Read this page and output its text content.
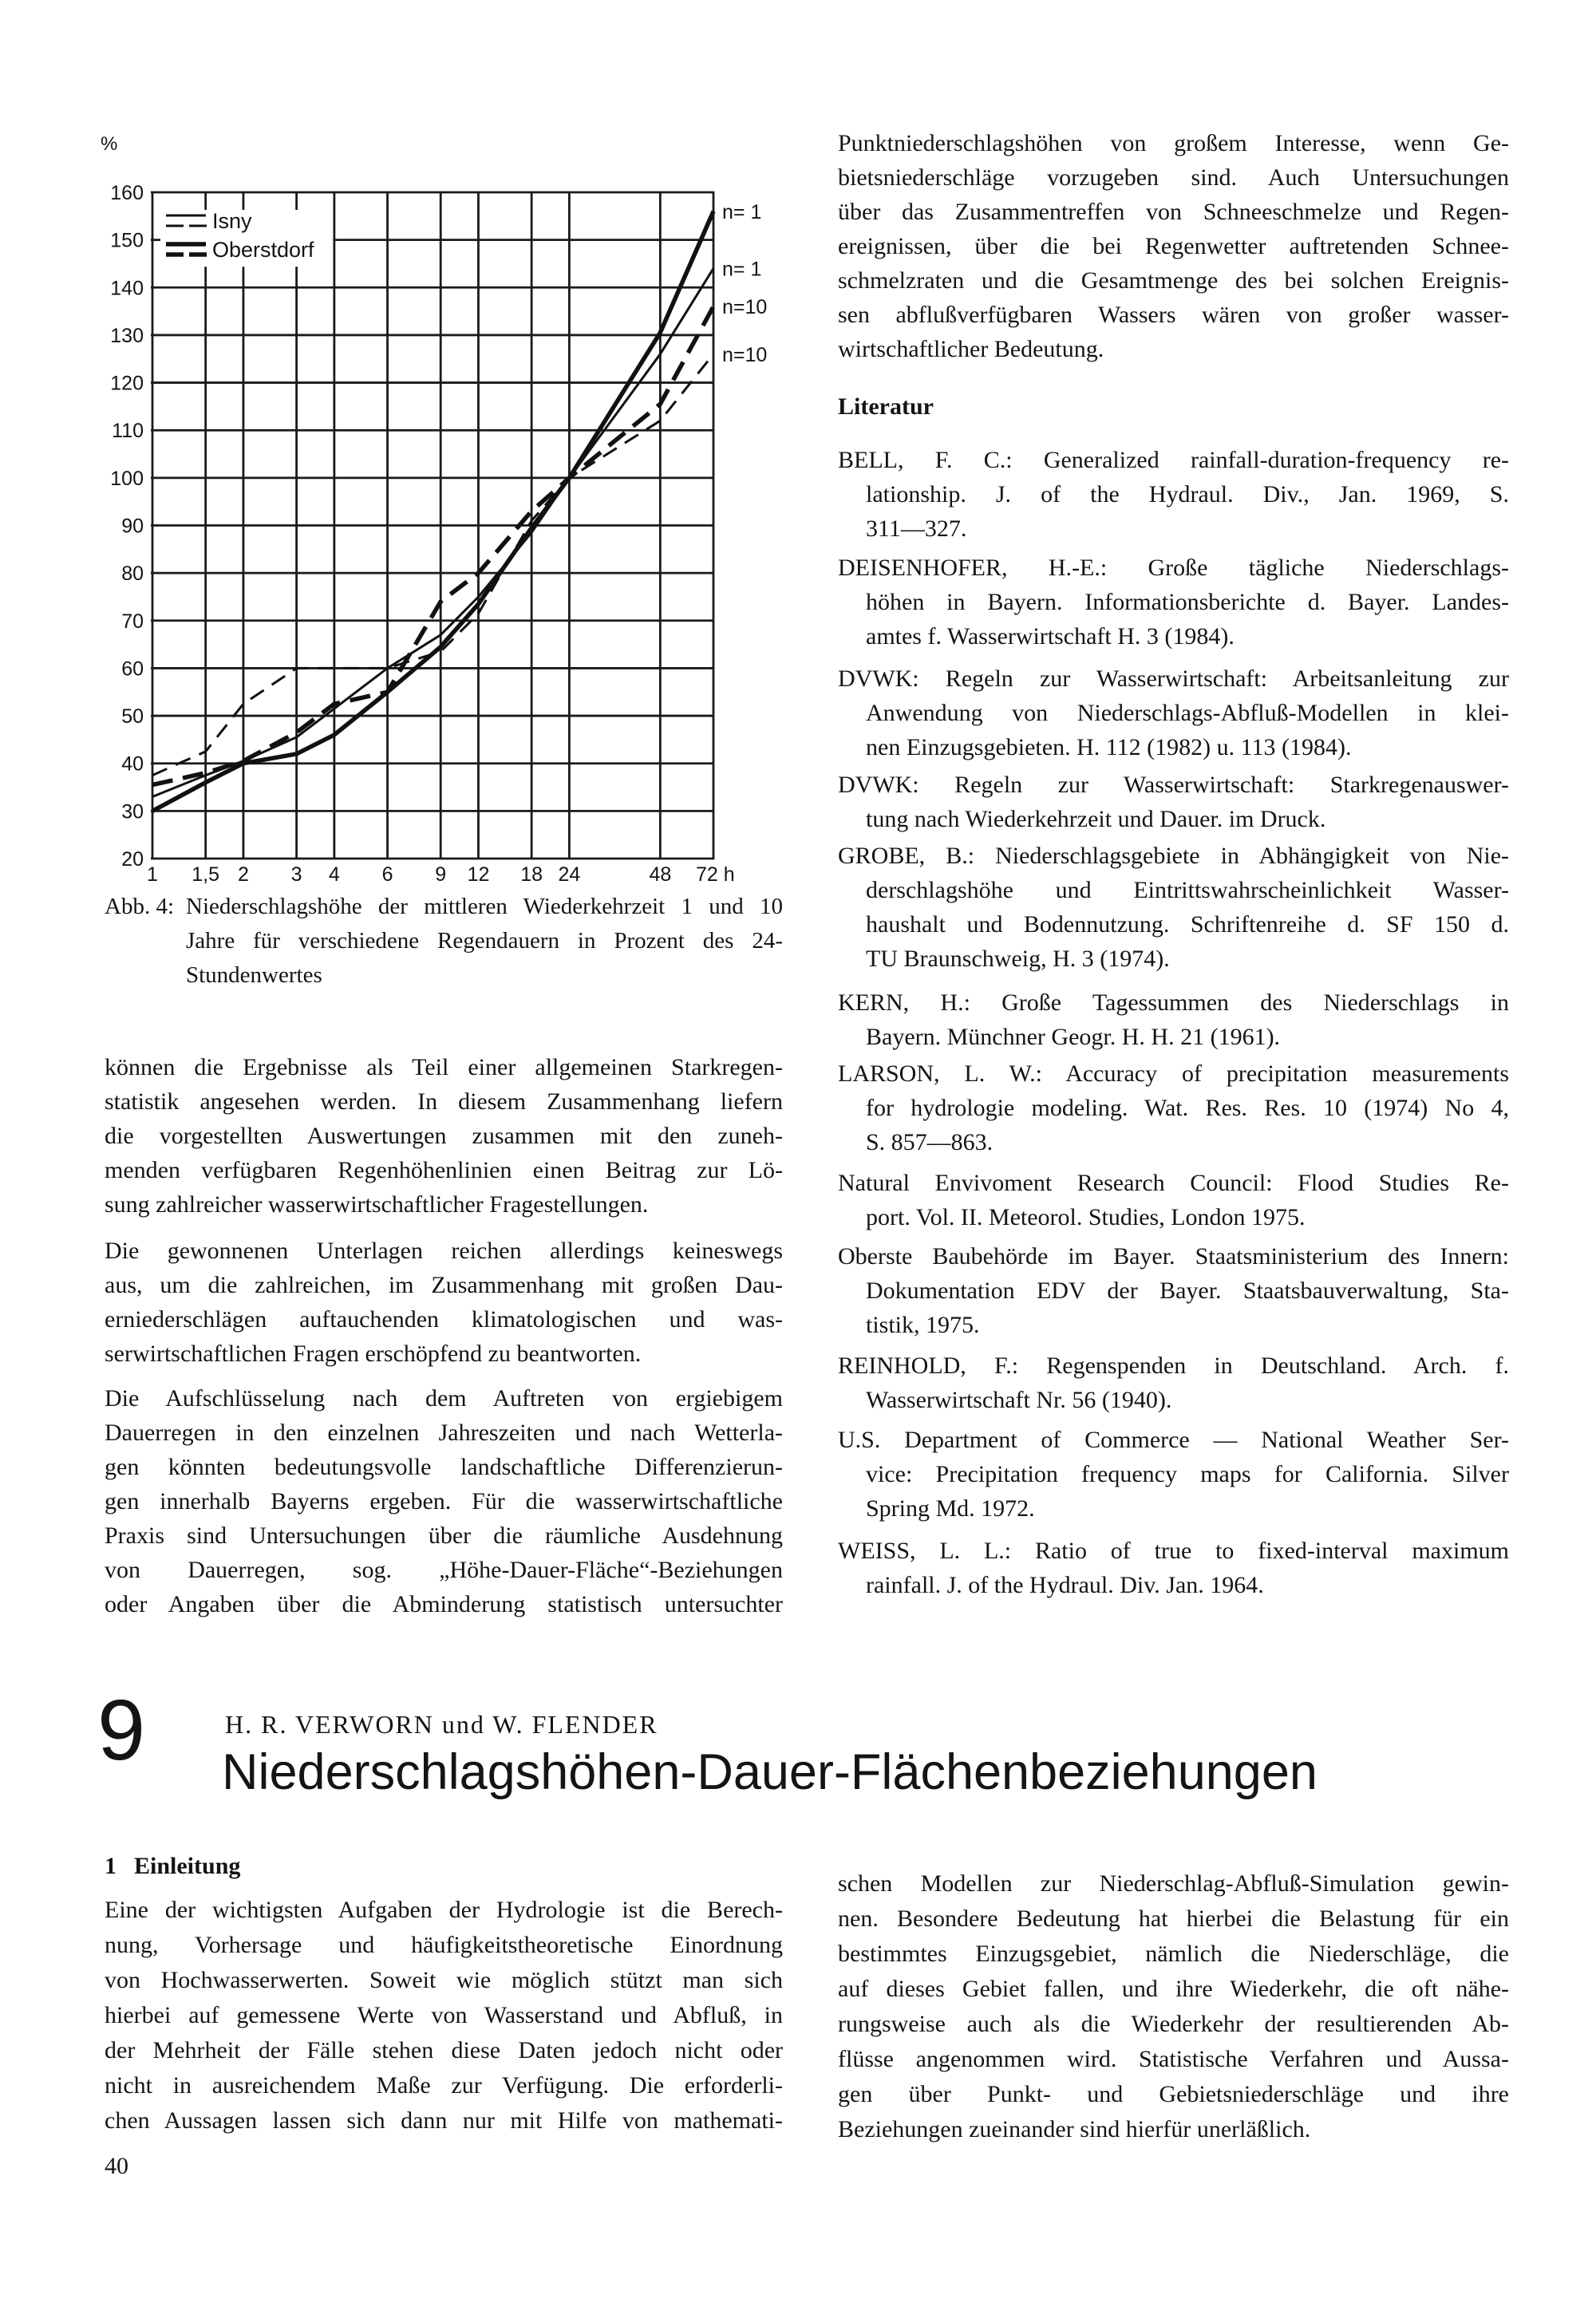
Isny
Oberstdorf
n= 1
n=10
n= 1
n=10
20
30
40
50
60
70
80
90
100
110
120
130
140
150
160
1 1,5 2 3 4 6 9 12 18 24	48 72 h
%
Abb. 4: Niederschlagshöhe der mittleren Wiederkehrzeit 1 und 10
Jahre für verschiedene Regendauern in Prozent des 24-
Stundenwertes
können die Ergebnisse als Teil einer allgemeinen Starkregen-
statistik angesehen werden. In diesem Zusammenhang liefern
die vorgestellten Auswertungen zusammen mit den zuneh-
menden verfügbaren Regenhöhenlinien einen Beitrag zur Lö-
sung zahlreicher wasserwirtschaftlicher Fragestellungen.
Die gewonnenen Unterlagen reichen allerdings keineswegs
aus, um die zahlreichen, im Zusammenhang mit großen Dau-
erniederschlägen auftauchenden klimatologischen und was-
serwirtschaftlichen Fragen erschöpfend zu beantworten.
Die Aufschlüsselung nach dem Auftreten von ergiebigem
Dauerregen in den einzelnen Jahreszeiten und nach Wetterla-
gen könnten bedeutungsvolle landschaftliche Differenzierun-
gen innerhalb Bayerns ergeben. Für die wasserwirtschaftliche
Praxis sind Untersuchungen über die räumliche Ausdehnung
von Dauerregen, sog. „Höhe-Dauer-Fläche“-Beziehungen
oder Angaben über die Abminderung statistisch untersuchter
Punktniederschlagshöhen von großem Interesse, wenn Ge-
bietsniederschläge vorzugeben sind. Auch Untersuchungen
über das Zusammentreffen von Schneeschmelze und Regen-
ereignissen, über die bei Regenwetter auftretenden Schnee-
schmelzraten und die Gesamtmenge des bei solchen Ereignis-
sen abflußverfügbaren Wassers wären von großer wasser-
wirtschaftlicher Bedeutung.
Literatur
BELL, F. C.: Generalized rainfall-duration-frequency re-
lationship. J. of the Hydraul. Div., Jan. 1969, S.
311—327.
DEISENHOFER, H.-E.: Große tägliche Niederschlags-
höhen in Bayern. Informationsberichte d. Bayer. Landes-
amtes f. Wasserwirtschaft H. 3 (1984).
DVWK: Regeln zur Wasserwirtschaft: Arbeitsanleitung zur
Anwendung von Niederschlags-Abfluß-Modellen in klei-
nen Einzugsgebieten. H. 112 (1982) u. 113 (1984).
DVWK: Regeln zur Wasserwirtschaft: Starkregenauswer-
tung nach Wiederkehrzeit und Dauer. im Druck.
GROBE, B.: Niederschlagsgebiete in Abhängigkeit von Nie-
derschlagshöhe und Eintrittswahrscheinlichkeit Wasser-
haushalt und Bodennutzung. Schriftenreihe d. SF 150 d.
TU Braunschweig, H. 3 (1974).
KERN, H.: Große Tagessummen des Niederschlags in
Bayern. Münchner Geogr. H. H. 21 (1961).
LARSON, L. W.: Accuracy of precipitation measurements
for hydrologie modeling. Wat. Res. Res. 10 (1974) No 4,
S. 857—863.
Natural Envivoment Research Council: Flood Studies Re-
port. Vol. II. Meteorol. Studies, London 1975.
Oberste Baubehörde im Bayer. Staatsministerium des Innern:
Dokumentation EDV der Bayer. Staatsbauverwaltung, Sta-
tistik, 1975.
REINHOLD, F.: Regenspenden in Deutschland. Arch. f.
Wasserwirtschaft Nr. 56 (1940).
U.S. Department of Commerce — National Weather Ser-
vice: Precipitation frequency maps for California. Silver
Spring Md. 1972.
WEISS, L. L.: Ratio of true to fixed-interval maximum
rainfall. J. of the Hydraul. Div. Jan. 1964.
9	H. R. VERWORN und W. FLENDER
Niederschlagshöhen-Dauer-Flächenbeziehungen
1 Einleitung
Eine der wichtigsten Aufgaben der Hydrologie ist die Berech-
nung, Vorhersage und häufigkeitstheoretische Einordnung
von Hochwasserwerten. Soweit wie möglich stützt man sich
hierbei auf gemessene Werte von Wasserstand und Abfluß, in
der Mehrheit der Fälle stehen diese Daten jedoch nicht oder
nicht in ausreichendem Maße zur Verfügung. Die erforderli-
chen Aussagen lassen sich dann nur mit Hilfe von mathemati-
schen Modellen zur Niederschlag-Abfluß-Simulation gewin-
nen. Besondere Bedeutung hat hierbei die Belastung für ein
bestimmtes Einzugsgebiet, nämlich die Niederschläge, die
auf dieses Gebiet fallen, und ihre Wiederkehr, die oft nähe-
rungsweise auch als die Wiederkehr der resultierenden Ab-
flüsse angenommen wird. Statistische Verfahren und Aussa-
gen über Punkt- und Gebietsniederschläge und ihre
Beziehungen zueinander sind hierfür unerläßlich.
40
